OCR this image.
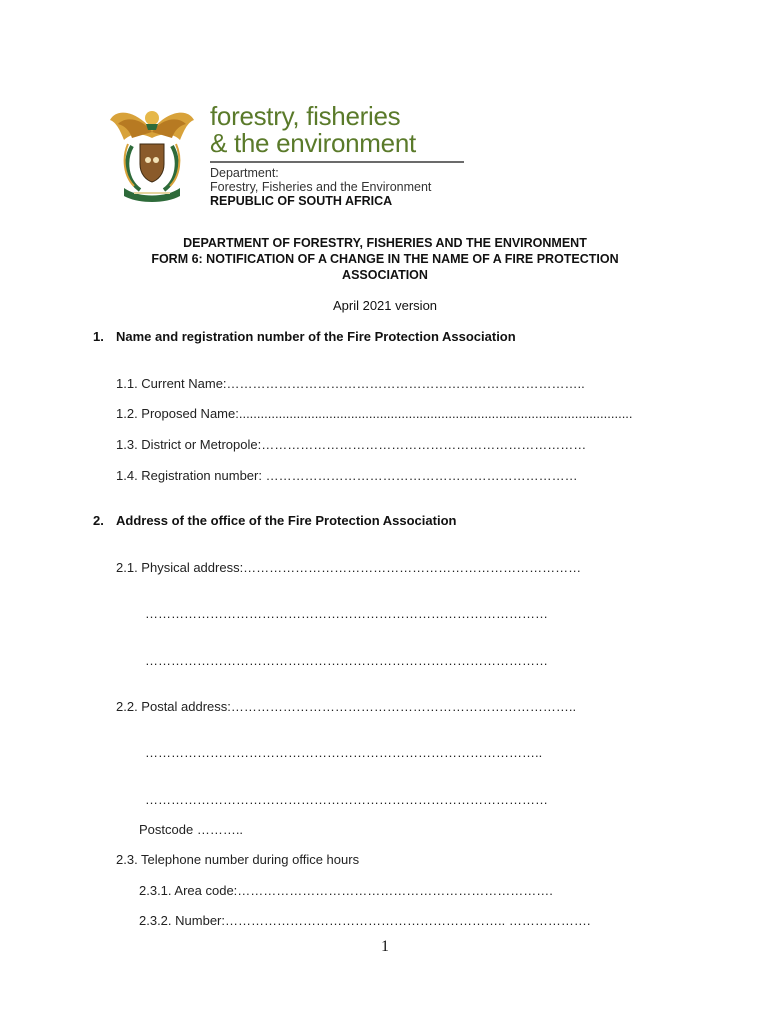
forestry, fisheries
& the environment
Department:
Forestry, Fisheries and the Environment
REPUBLIC OF SOUTH AFRICA
DEPARTMENT OF FORESTRY, FISHERIES AND THE ENVIRONMENT
FORM 6: NOTIFICATION OF A CHANGE IN THE NAME OF A FIRE PROTECTION
ASSOCIATION
April 2021 version
1. Name and registration number of the Fire Protection Association
1.1. Current Name:………………………………………………………………………..
1.2. Proposed Name:.............................................................................................................
1.3. District or Metropole:…………………………………………………………………
1.4. Registration number: ………………………………………………………………
2. Address of the office of the Fire Protection Association
2.1. Physical address:……………………………………………………………………
…………………………………………………………………………………
…………………………………………………………………………………
2.2. Postal address:……………………………………………………………………..
………………………………………………………………………………..
…………………………………………………………………………………
Postcode ………..
2.3. Telephone number during office hours
2.3.1. Area code:……………………………………………………………….
2.3.2. Number:……………………………………………………….. ……………….
1
